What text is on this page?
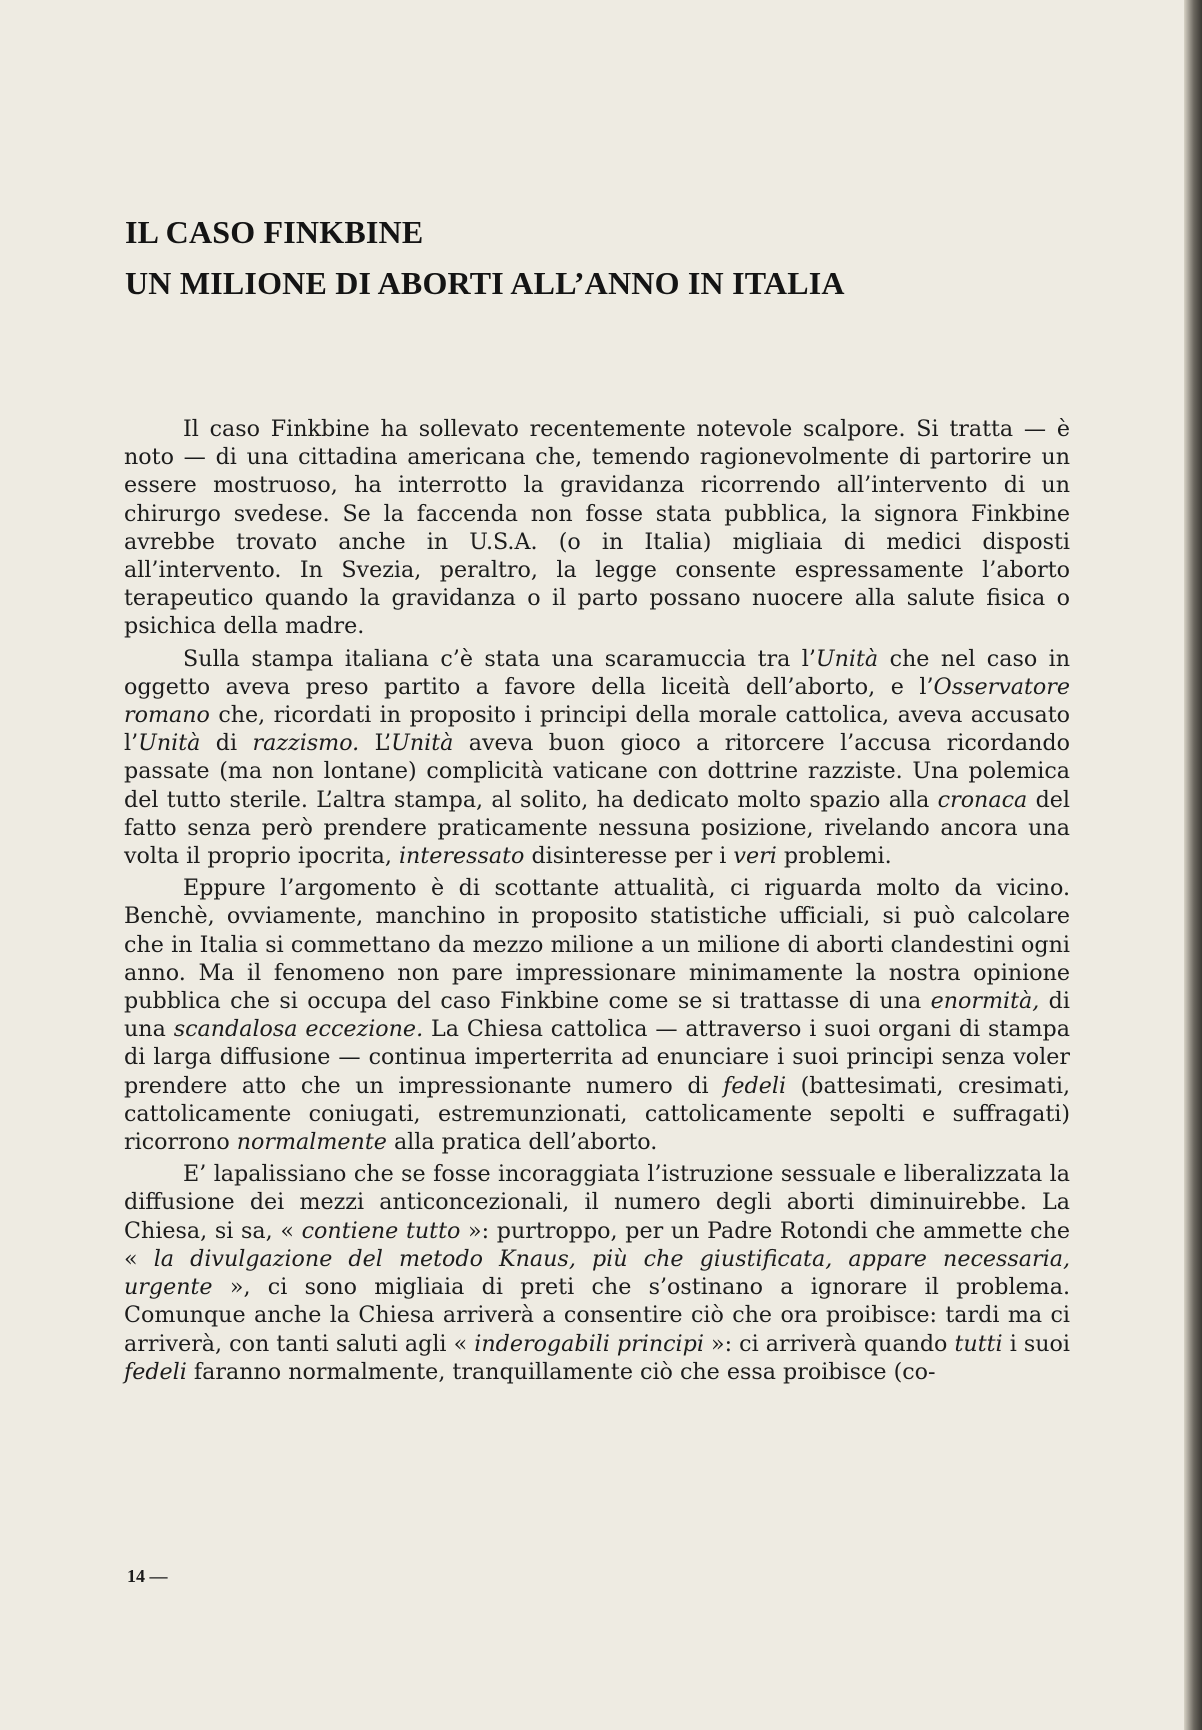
IL CASO FINKBINE
UN MILIONE DI ABORTI ALL’ANNO IN ITALIA

Il caso Finkbine ha sollevato recentemente notevole scalpore. Si tratta — è noto — di una cittadina americana che, temendo ragionevolmente di partorire un essere mostruoso, ha interrotto la gravidanza ricorrendo all’intervento di un chirurgo svedese. Se la faccenda non fosse stata pubblica, la signora Finkbine avrebbe trovato anche in U.S.A. (o in Italia) migliaia di medici disposti all’intervento. In Svezia, peraltro, la legge consente espressamente l’aborto terapeutico quando la gravidanza o il parto possano nuocere alla salute fisica o psichica della madre.

Sulla stampa italiana c’è stata una scaramuccia tra l’Unità che nel caso in oggetto aveva preso partito a favore della liceità dell’aborto, e l’Osservatore romano che, ricordati in proposito i principi della morale cattolica, aveva accusato l’Unità di razzismo. L’Unità aveva buon gioco a ritorcere l’accusa ricordando passate (ma non lontane) complicità vaticane con dottrine razziste. Una polemica del tutto sterile. L’altra stampa, al solito, ha dedicato molto spazio alla cronaca del fatto senza però prendere praticamente nessuna posizione, rivelando ancora una volta il proprio ipocrita, interessato disinteresse per i veri problemi.

Eppure l’argomento è di scottante attualità, ci riguarda molto da vicino. Benchè, ovviamente, manchino in proposito statistiche ufficiali, si può calcolare che in Italia si commettano da mezzo milione a un milione di aborti clandestini ogni anno. Ma il fenomeno non pare impressionare minimamente la nostra opinione pubblica che si occupa del caso Finkbine come se si trattasse di una enormità, di una scandalosa eccezione. La Chiesa cattolica — attraverso i suoi organi di stampa di larga diffusione — continua imperterrita ad enunciare i suoi principi senza voler prendere atto che un impressionante numero di fedeli (battesimati, cresimati, cattolicamente coniugati, estremunzionati, cattolicamente sepolti e suffragati) ricorrono normalmente alla pratica dell’aborto.

E’ lapalissiano che se fosse incoraggiata l’istruzione sessuale e liberalizzata la diffusione dei mezzi anticoncezionali, il numero degli aborti diminuirebbe. La Chiesa, si sa, « contiene tutto »: purtroppo, per un Padre Rotondi che ammette che « la divulgazione del metodo Knaus, più che giustificata, appare necessaria, urgente », ci sono migliaia di preti che s’ostinano a ignorare il problema. Comunque anche la Chiesa arriverà a consentire ciò che ora proibisce: tardi ma ci arriverà, con tanti saluti agli « inderogabili principi »: ci arriverà quando tutti i suoi fedeli faranno normalmente, tranquillamente ciò che essa proibisce (co-

14 —
